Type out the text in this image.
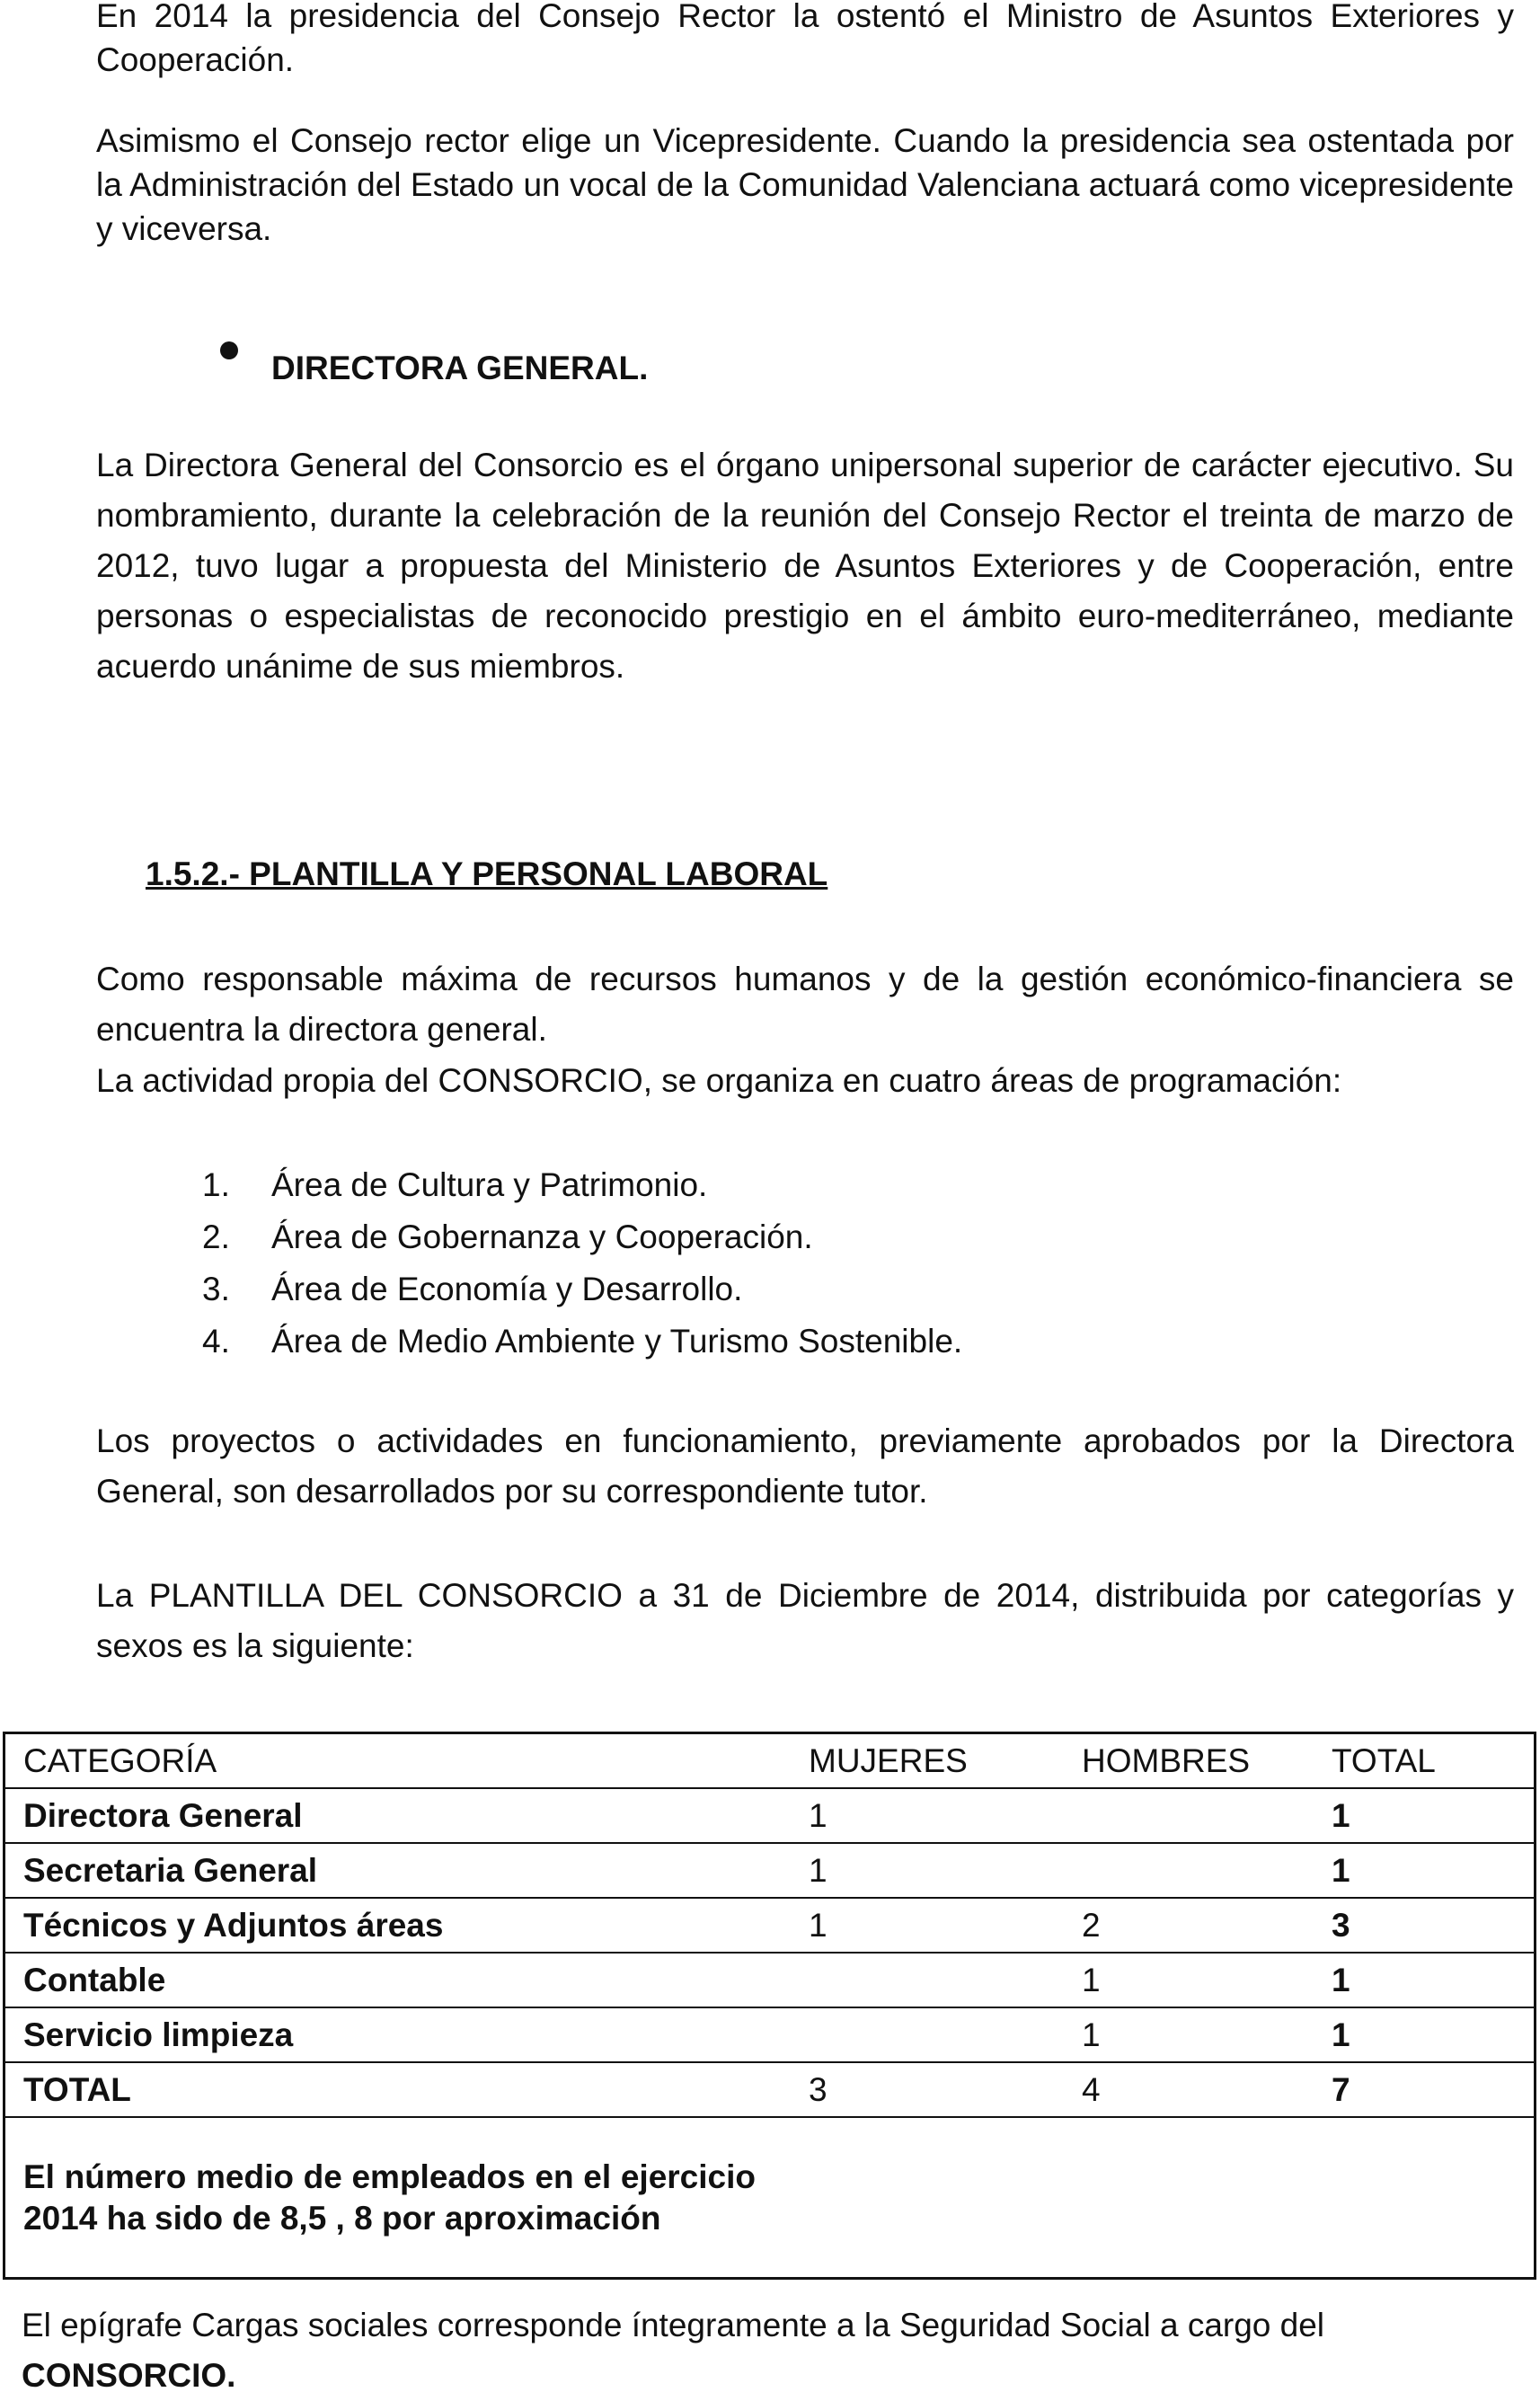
En 2014 la presidencia del Consejo Rector la ostentó el Ministro de Asuntos Exteriores y Cooperación.

Asimismo el Consejo rector elige un Vicepresidente. Cuando la presidencia sea ostentada por la Administración del Estado un vocal de la Comunidad Valenciana actuará como vicepresidente y viceversa.

DIRECTORA GENERAL.

La Directora General del Consorcio es el órgano unipersonal superior de carácter ejecutivo. Su nombramiento, durante la celebración de la reunión del Consejo Rector el treinta de marzo de 2012, tuvo lugar a propuesta del Ministerio de Asuntos Exteriores y de Cooperación, entre personas o especialistas de reconocido prestigio en el ámbito euro-mediterráneo, mediante acuerdo unánime de sus miembros.

1.5.2.- PLANTILLA Y PERSONAL LABORAL

Como responsable máxima de recursos humanos y de la gestión económico-financiera se encuentra la directora general.

La actividad propia del CONSORCIO, se organiza en cuatro áreas de programación:

1.	Área de Cultura y Patrimonio.
2.	Área de Gobernanza y Cooperación.
3.	Área de Economía y Desarrollo.
4.	Área de Medio Ambiente y Turismo Sostenible.

Los proyectos o actividades en funcionamiento, previamente aprobados por la Directora General, son desarrollados por su correspondiente tutor.

La PLANTILLA DEL CONSORCIO a 31 de Diciembre de 2014, distribuida por categorías y sexos es la siguiente:

CATEGORÍA	MUJERES	HOMBRES	TOTAL
Directora General	1		1
Secretaria General	1		1
Técnicos y Adjuntos áreas	1	2	3
Contable		1	1
Servicio limpieza		1	1
TOTAL	3	4	7

El número medio de empleados en el ejercicio 2014 ha sido de 8,5 , 8 por aproximación			
El epígrafe Cargas sociales corresponde íntegramente a la Seguridad Social a cargo del
CONSORCIO.
